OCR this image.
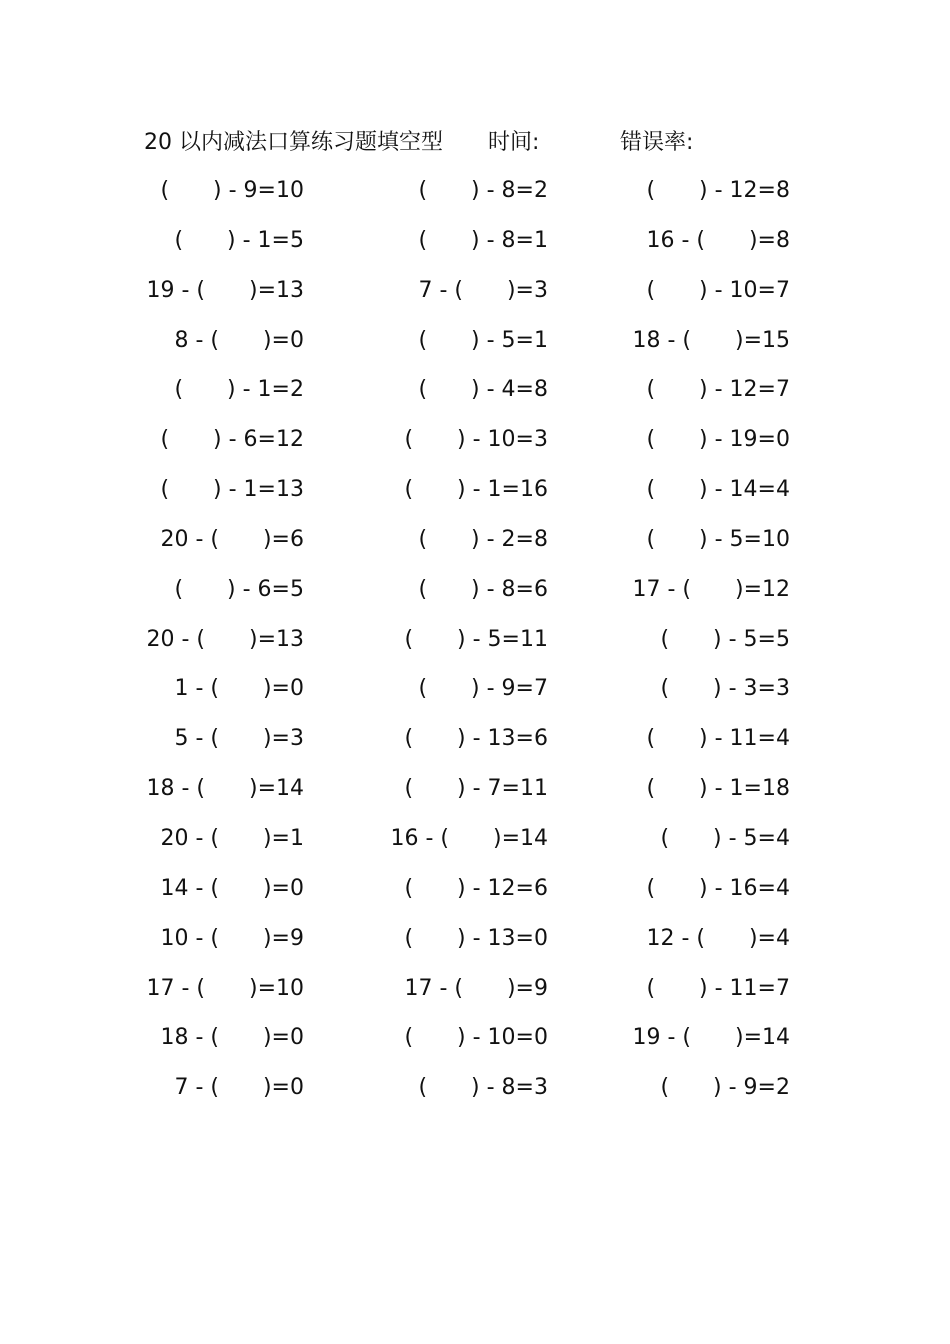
20 以内减法口算练习题填空型 时间:	错误率:
(　　) - 9=10	(　　) - 8=2	(　　) - 12=8
(　　) - 1=5	(　　) - 8=1	16 - (　　)=8
19 - (　　)=13	7 - (　　)=3	(　　) - 10=7
8 - (　　)=0	(　　) - 5=1	18 - (　　)=15
(　　) - 1=2	(　　) - 4=8	(　　) - 12=7
(　　) - 6=12	(　　) - 10=3	(　　) - 19=0
(　　) - 1=13	(　　) - 1=16	(　　) - 14=4
20 - (　　)=6	(　　) - 2=8	(　　) - 5=10
(　　) - 6=5	(　　) - 8=6	17 - (　　)=12
20 - (　　)=13	(　　) - 5=11	(　　) - 5=5
1 - (　　)=0	(　　) - 9=7	(　　) - 3=3
5 - (　　)=3	(　　) - 13=6	(　　) - 11=4
18 - (　　)=14	(　　) - 7=11	(　　) - 1=18
20 - (　　)=1	16 - (　　)=14	(　　) - 5=4
14 - (　　)=0	(　　) - 12=6	(　　) - 16=4
10 - (　　)=9	(　　) - 13=0	12 - (　　)=4
17 - (　　)=10	17 - (　　)=9	(　　) - 11=7
18 - (　　)=0	(　　) - 10=0	19 - (　　)=14
7 - (　　)=0	(　　) - 8=3	(　　) - 9=2
